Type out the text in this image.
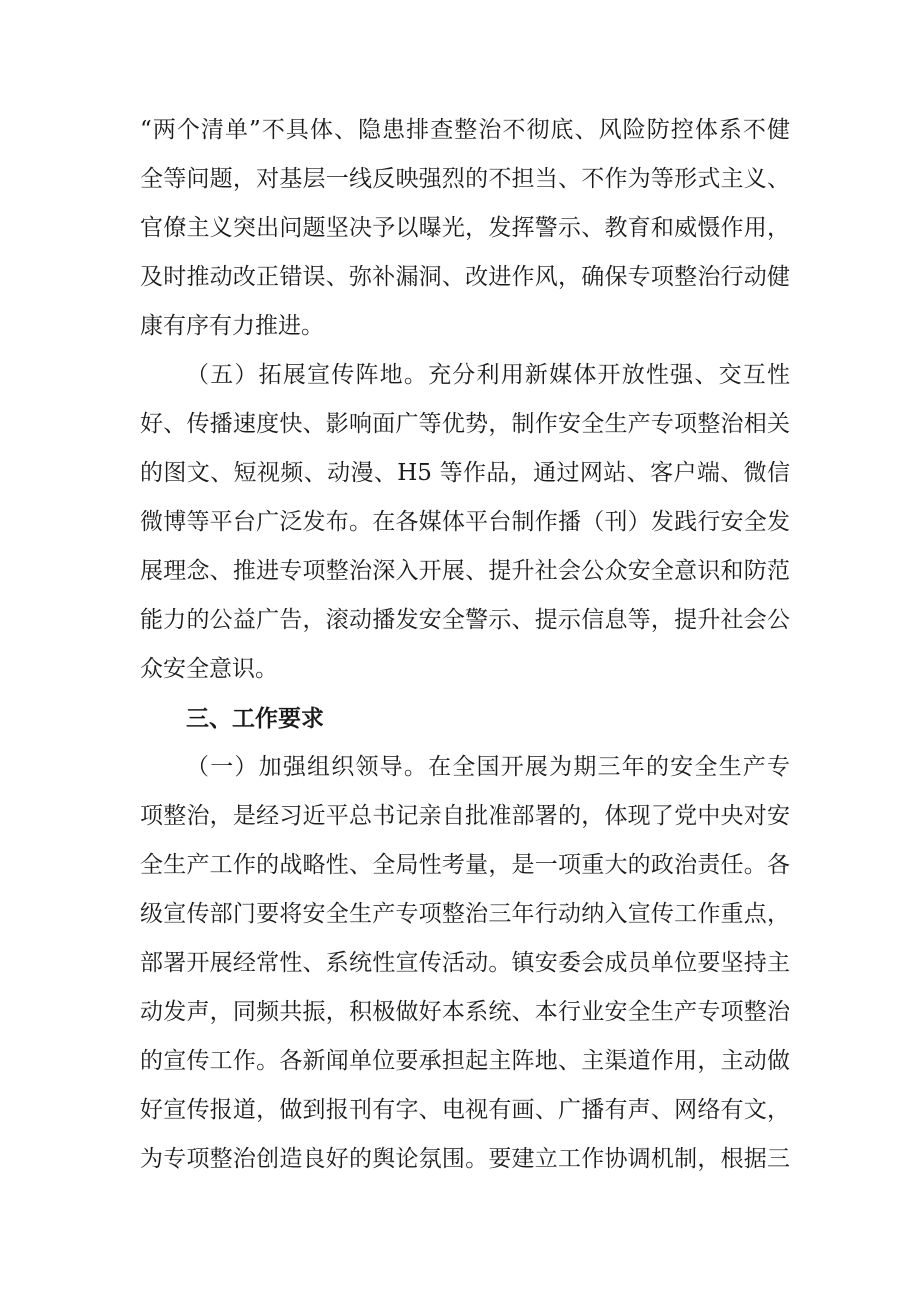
“两个清单”不具体、隐患排查整治不彻底、风险防控体系不健
全等问题，对基层一线反映强烈的不担当、不作为等形式主义、
官僚主义突出问题坚决予以曝光，发挥警示、教育和威慑作用，
及时推动改正错误、弥补漏洞、改进作风，确保专项整治行动健
康有序有力推进。
（五）拓展宣传阵地。充分利用新媒体开放性强、交互性
好、传播速度快、影响面广等优势，制作安全生产专项整治相关
的图文、短视频、动漫、H5 等作品，通过网站、客户端、微信
微博等平台广泛发布。在各媒体平台制作播（刊）发践行安全发
展理念、推进专项整治深入开展、提升社会公众安全意识和防范
能力的公益广告，滚动播发安全警示、提示信息等，提升社会公
众安全意识。
三、工作要求
（一）加强组织领导。在全国开展为期三年的安全生产专
项整治，是经习近平总书记亲自批准部署的，体现了党中央对安
全生产工作的战略性、全局性考量，是一项重大的政治责任。各
级宣传部门要将安全生产专项整治三年行动纳入宣传工作重点，
部署开展经常性、系统性宣传活动。镇安委会成员单位要坚持主
动发声，同频共振，积极做好本系统、本行业安全生产专项整治
的宣传工作。各新闻单位要承担起主阵地、主渠道作用，主动做
好宣传报道，做到报刊有字、电视有画、广播有声、网络有文，
为专项整治创造良好的舆论氛围。要建立工作协调机制，根据三
